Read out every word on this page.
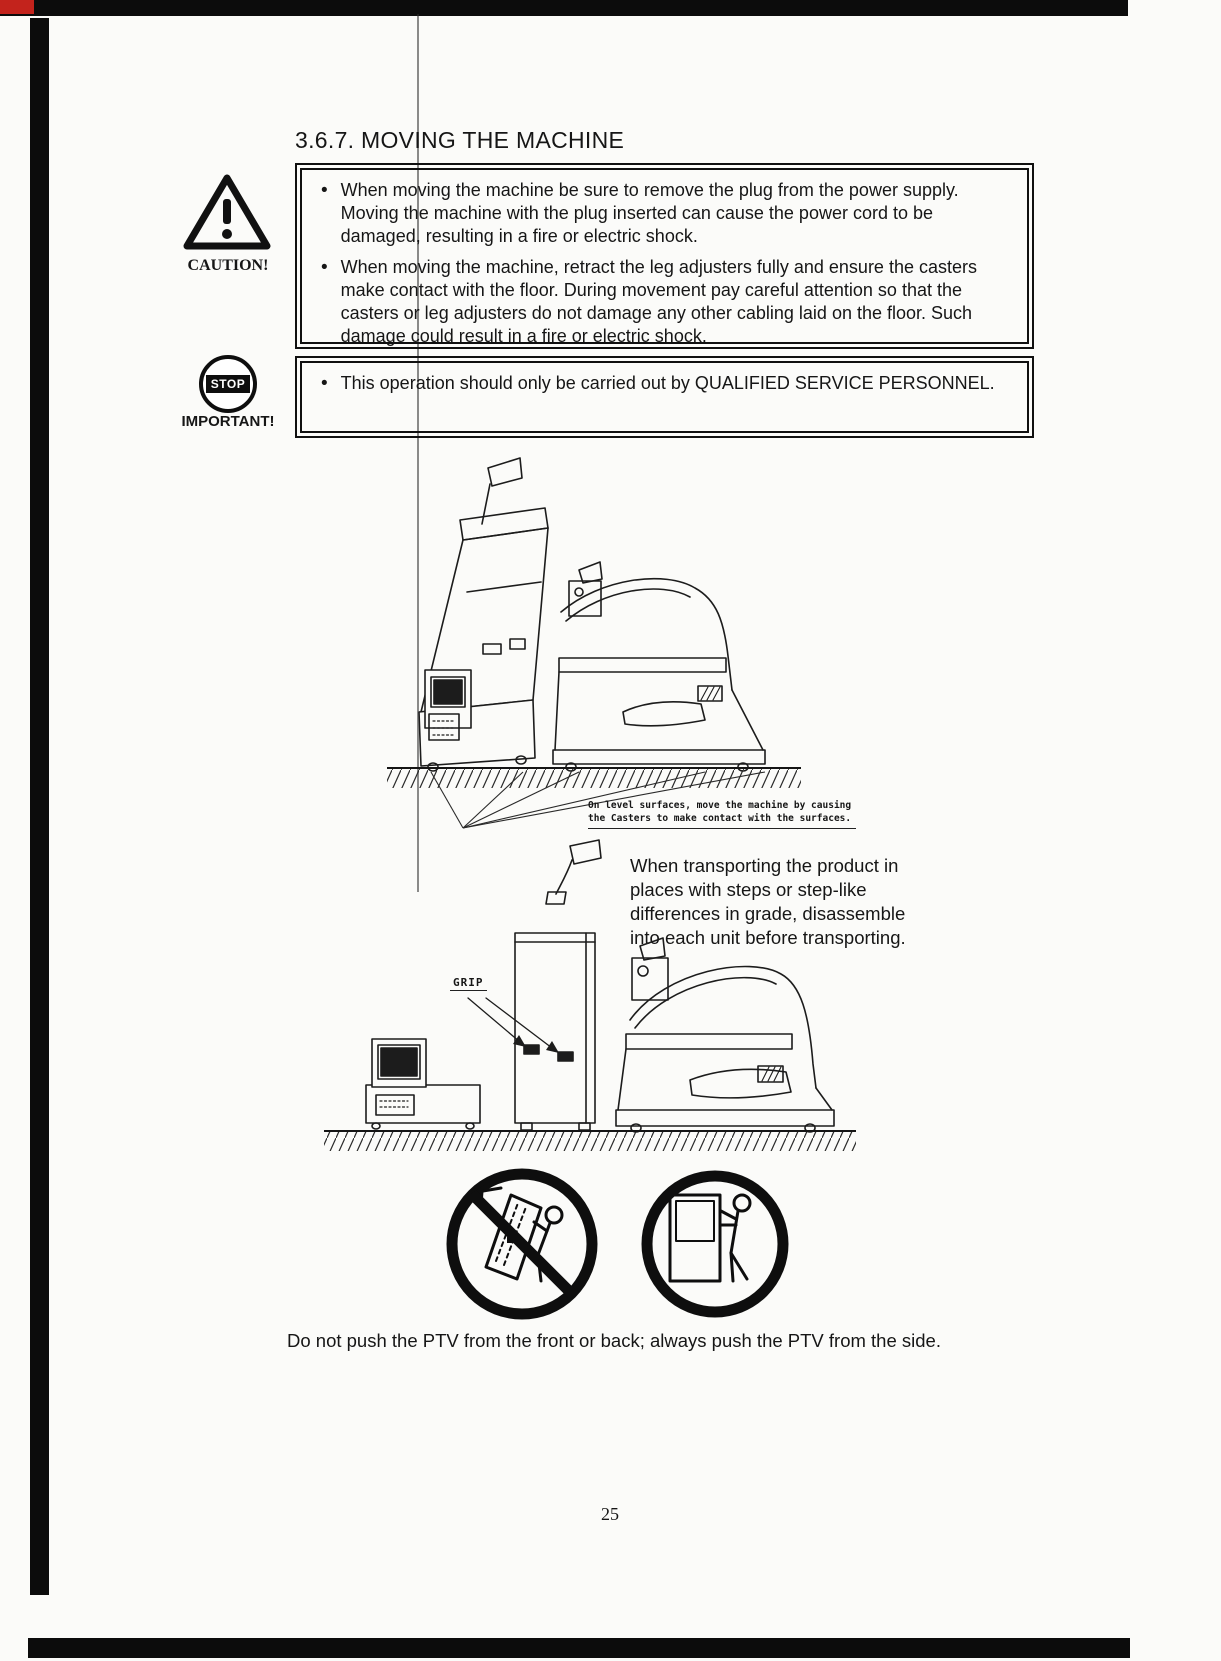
3.6.7. MOVING THE MACHINE
CAUTION!
• When moving the machine be sure to remove the plug from the power supply. Moving the machine with the plug inserted can cause the power cord to be damaged, resulting in a fire or electric shock.
• When moving the machine, retract the leg adjusters fully and ensure the casters make contact with the floor. During movement pay careful attention so that the casters or leg adjusters do not damage any other cabling laid on the floor. Such damage could result in a fire or electric shock.
STOP
IMPORTANT!
• This operation should only be carried out by QUALIFIED SERVICE PERSONNEL.
On level surfaces, move the machine by causing
the Casters to make contact with the surfaces.
When transporting the product in places with steps or step-like differences in grade, disassemble into each unit before transporting.
GRIP
Do not push the PTV from the front or back; always push the PTV from the side.
25
